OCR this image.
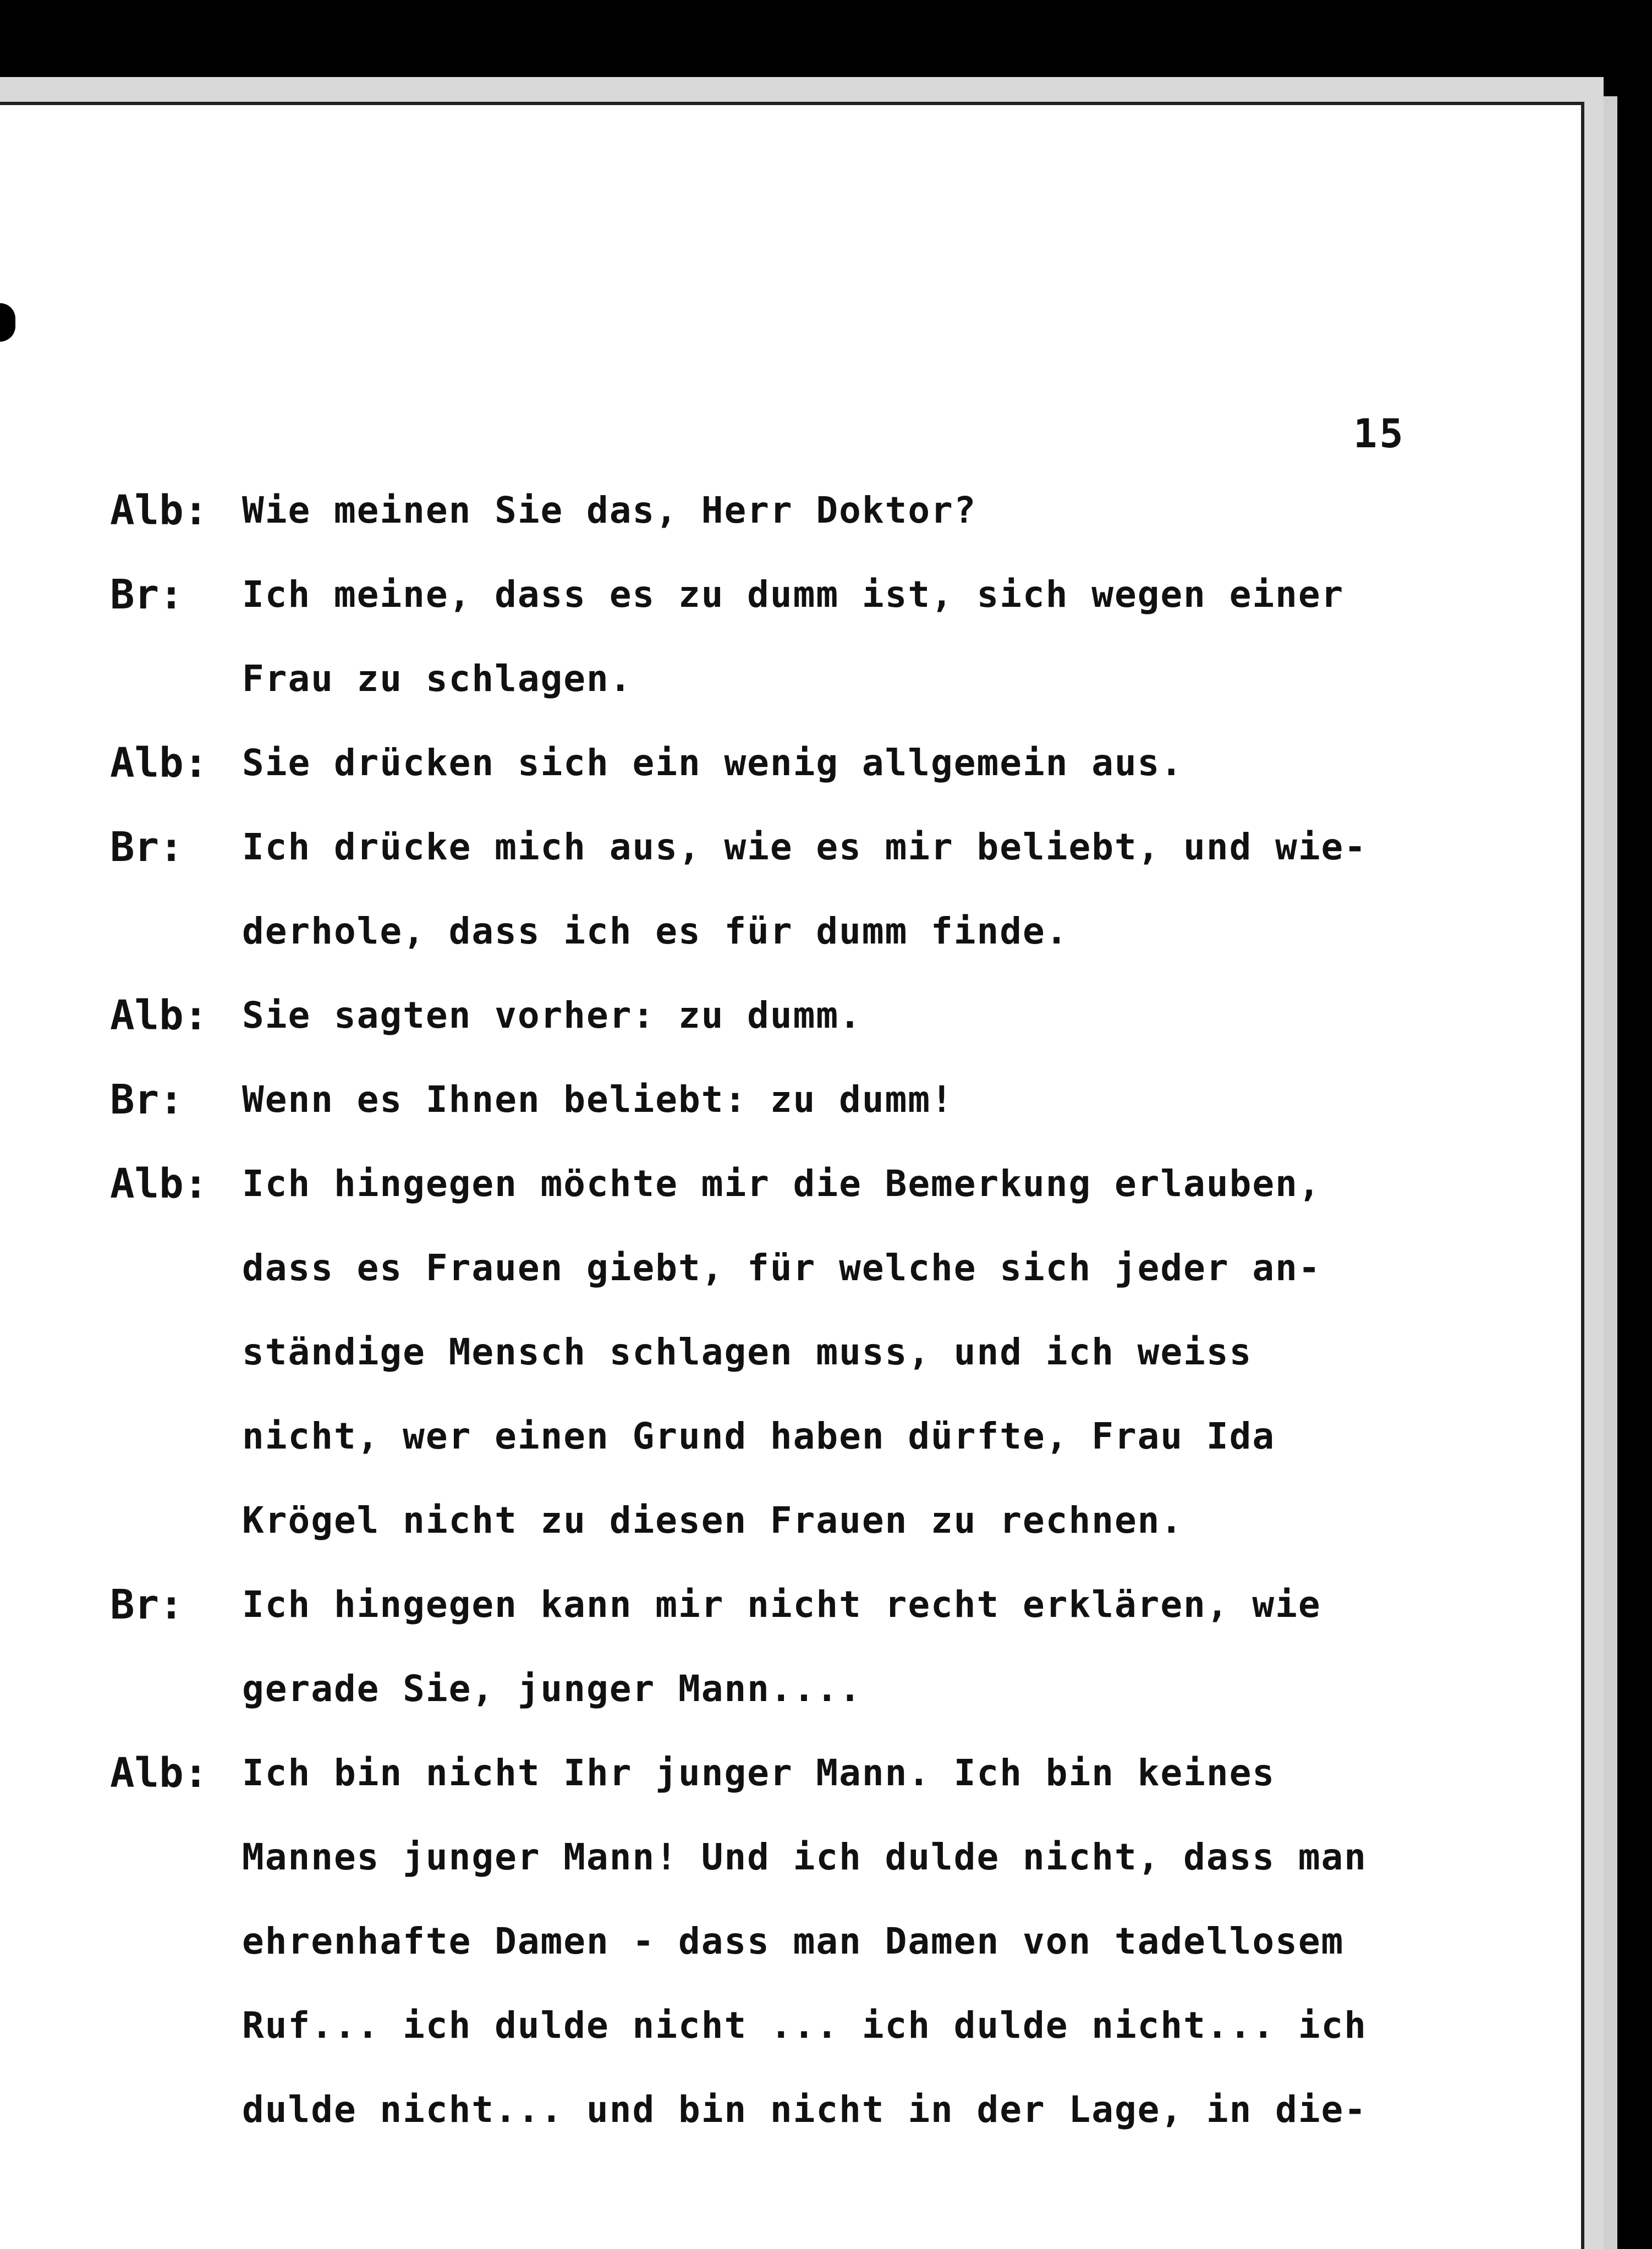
15
Alb: Wie meinen Sie das, Herr Doktor?
Br: Ich meine, dass es zu dumm ist, sich wegen einer
Frau zu schlagen.
Alb: Sie drücken sich ein wenig allgemein aus.
Br: Ich drücke mich aus, wie es mir beliebt, und wie-
derhole, dass ich es für dumm finde.
Alb: Sie sagten vorher: zu dumm.
Br: Wenn es Ihnen beliebt: zu dumm!
Alb: Ich hingegen möchte mir die Bemerkung erlauben,
dass es Frauen giebt, für welche sich jeder an-
ständige Mensch schlagen muss, und ich weiss
nicht, wer einen Grund haben dürfte, Frau Ida
Krögel nicht zu diesen Frauen zu rechnen.
Br: Ich hingegen kann mir nicht recht erklären, wie
gerade Sie, junger Mann....
Alb: Ich bin nicht Ihr junger Mann. Ich bin keines
Mannes junger Mann! Und ich dulde nicht, dass man
ehrenhafte Damen - dass man Damen von tadellosem
Ruf... ich dulde nicht ... ich dulde nicht... ich
dulde nicht... und bin nicht in der Lage, in die-
